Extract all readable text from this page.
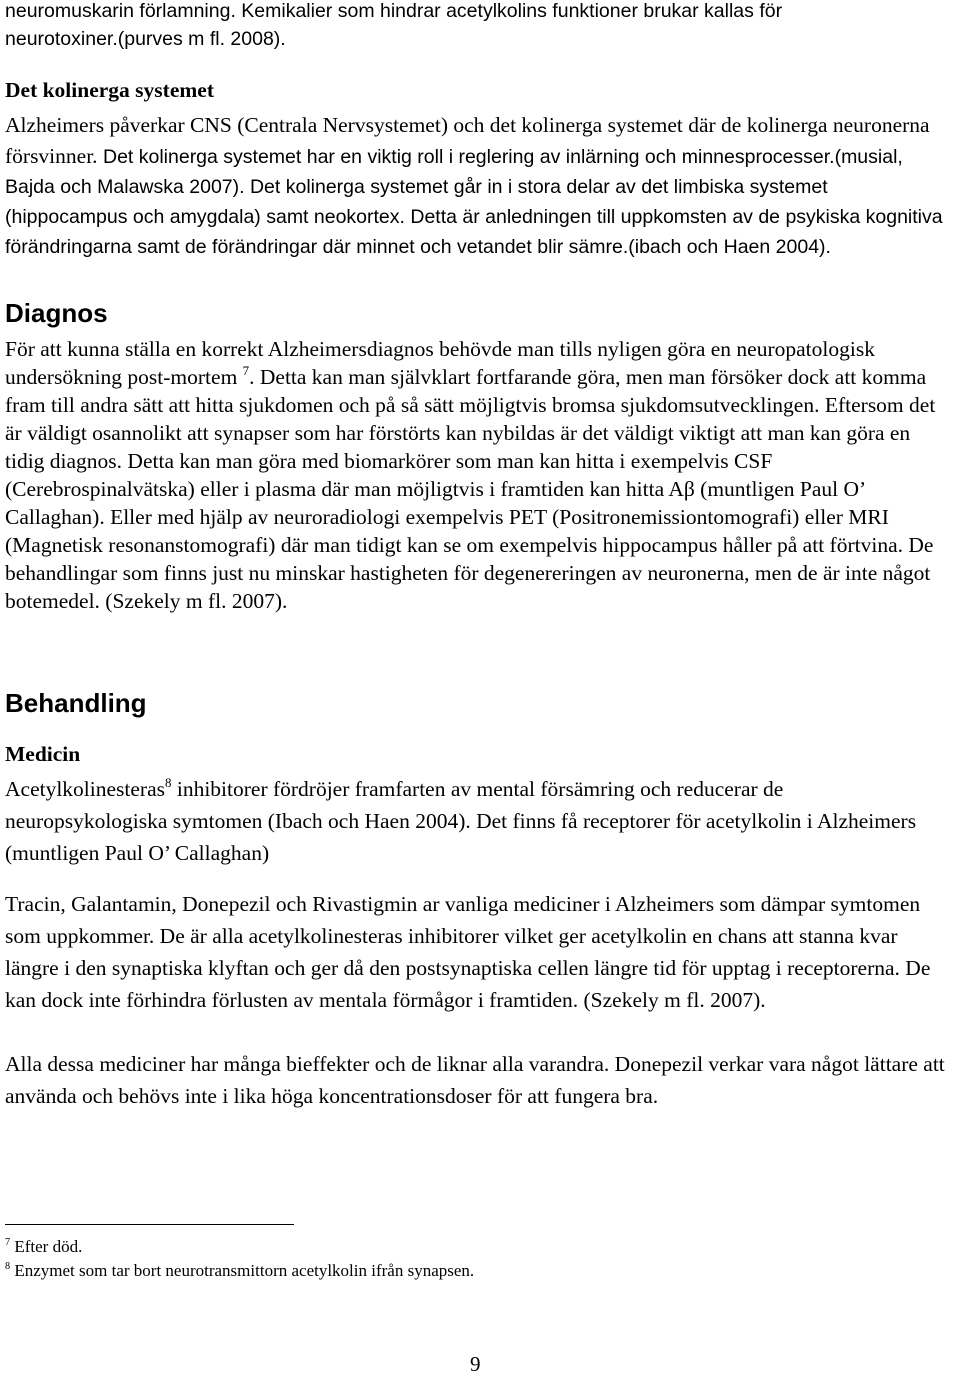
neuromuskarin förlamning. Kemikalier som hindrar acetylkolins funktioner brukar kallas för
neurotoxiner.(purves m fl. 2008).

Det kolinerga systemet

Alzheimers påverkar CNS (Centrala Nervsystemet) och det kolinerga systemet där de kolinerga neuronerna försvinner. Det kolinerga systemet har en viktig roll i reglering av inlärning och minnesprocesser.(musial, Bajda och Malawska 2007). Det kolinerga systemet går in i stora delar av det limbiska systemet (hippocampus och amygdala) samt neokortex. Detta är anledningen till uppkomsten av de psykiska kognitiva förändringarna samt de förändringar där minnet och vetandet blir sämre.(ibach och Haen 2004).

Diagnos

För att kunna ställa en korrekt Alzheimersdiagnos behövde man tills nyligen göra en neuropatologisk undersökning post-mortem $^7$. Detta kan man självklart fortfarande göra, men man försöker dock att komma fram till andra sätt att hitta sjukdomen och på så sätt möjligtvis bromsa sjukdomsutvecklingen. Eftersom det är väldigt osannolikt att synapser som har förstörts kan nybildas är det väldigt viktigt att man kan göra en tidig diagnos. Detta kan man göra med biomarkörer som man kan hitta i exempelvis CSF (Cerebrospinalvätska) eller i plasma där man möjligtvis i framtiden kan hitta Aβ (muntligen Paul O’ Callaghan). Eller med hjälp av neuroradiologi exempelvis PET (Positronemissiontomografi) eller MRI (Magnetisk resonanstomografi) där man tidigt kan se om exempelvis hippocampus håller på att förtvina. De behandlingar som finns just nu minskar hastigheten för degenereringen av neuronerna, men de är inte något botemedel. (Szekely m fl. 2007).

Behandling
Medicin

Acetylkolinesteras$^8$ inhibitorer fördröjer framfarten av mental försämring och reducerar de neuropsykologiska symtomen (Ibach och Haen 2004). Det finns få receptorer för acetylkolin i Alzheimers (muntligen Paul O’ Callaghan)

Tracin, Galantamin, Donepezil och Rivastigmin ar vanliga mediciner i Alzheimers som dämpar symtomen som uppkommer. De är alla acetylkolinesteras inhibitorer vilket ger acetylkolin en chans att stanna kvar längre i den synaptiska klyftan och ger då den postsynaptiska cellen längre tid för upptag i receptorerna. De kan dock inte förhindra förlusten av mentala förmågor i framtiden. (Szekely m fl. 2007).

Alla dessa mediciner har många bieffekter och de liknar alla varandra. Donepezil verkar vara något lättare att använda och behövs inte i lika höga koncentrationsdoser för att fungera bra.

$^7$ Efter död.
$^8$ Enzymet som tar bort neurotransmittorn acetylkolin ifrån synapsen.
9
